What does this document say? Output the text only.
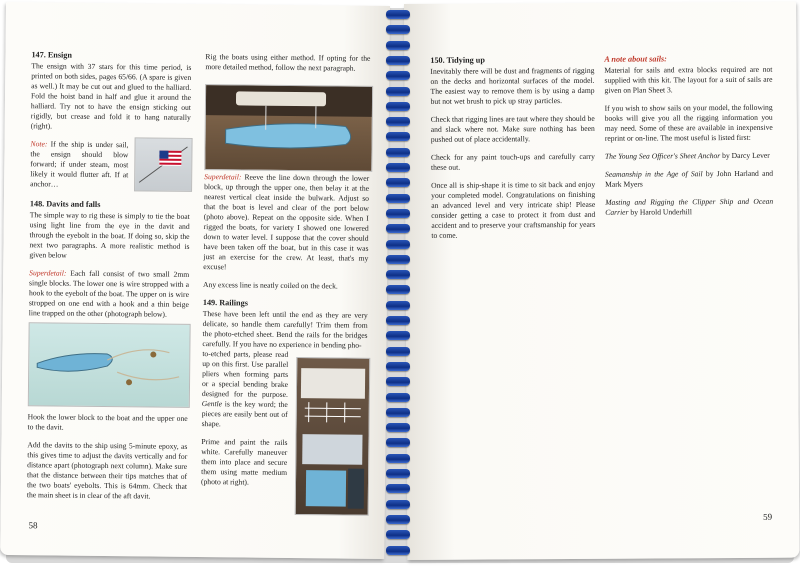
147. Ensign

The ensign with 37 stars for this time period, is printed on both sides, pages 65/66. (A spare is given as well.) It may be cut out and glued to the halliard. Fold the hoist band in half and glue it around the halliard. Try not to have the ensign sticking out rigidly, but crease and fold it to hang naturally (right).

Note: If the ship is under sail, the ensign should blow forward; if under steam, most likely it would flutter aft. If at anchor…

148. Davits and falls

The simple way to rig these is simply to tie the boat using light line from the eye in the davit and through the eyebolt in the boat. If doing so, skip the next two paragraphs. A more realistic method is given below

Superdetail: Each fall consist of two small 2mm single blocks. The lower one is wire stropped with a hook to the eyebolt of the boat. The upper on is wire stropped on one end with a hook and a thin beige line trapped on the other (photograph below).

Hook the lower block to the boat and the upper one to the davit.

Add the davits to the ship using 5-minute epoxy, as this gives time to adjust the davits vertically and for distance apart (photograph next column). Make sure that the distance between their tips matches that of the two boats' eyebolts. This is 64mm. Check that the main sheet is in clear of the aft davit.

Rig the boats using either method. If opting for the more detailed method, follow the next paragraph.

Superdetail: Reeve the line down through the lower block, up through the upper one, then belay it at the nearest vertical cleat inside the bulwark. Adjust so that the boat is level and clear of the port below (photo above). Repeat on the opposite side. When I rigged the boats, for variety I showed one lowered down to water level. I suppose that the cover should have been taken off the boat, but in this case it was just an exercise for the crew. At least, that's my excuse!

Any excess line is neatly coiled on the deck.

149. Railings

These have been left until the end as they are very delicate, so handle them carefully! Trim them from the photo-etched sheet. Bend the rails for the bridges carefully. If you have no experience in bending pho-

to-etched parts, please read up on this first. Use parallel pliers when forming parts or a special bending brake designed for the purpose. Gentle is the key word; the pieces are easily bent out of shape.

Prime and paint the rails white. Carefully maneuver them into place and secure them using matte medium (photo at right).

58
150. Tidying up

Inevitably there will be dust and fragments of rigging on the decks and horizontal surfaces of the model. The easiest way to remove them is by using a damp but not wet brush to pick up stray particles.

Check that rigging lines are taut where they should be and slack where not. Make sure nothing has been pushed out of place accidentally.

Check for any paint touch-ups and carefully carry these out.

Once all is ship-shape it is time to sit back and enjoy your completed model. Congratulations on finishing an advanced level and very intricate ship! Please consider getting a case to protect it from dust and accident and to preserve your craftsmanship for years to come.

A note about sails:

Material for sails and extra blocks required are not supplied with this kit. The layout for a suit of sails are given on Plan Sheet 3.

If you wish to show sails on your model, the following books will give you all the rigging information you may need. Some of these are available in inexpensive reprint or on-line. The most useful is listed first:

The Young Sea Officer's Sheet Anchor by Darcy Lever

Seamanship in the Age of Sail by John Harland and Mark Myers

Masting and Rigging the Clipper Ship and Ocean Carrier by Harold Underhill

59
